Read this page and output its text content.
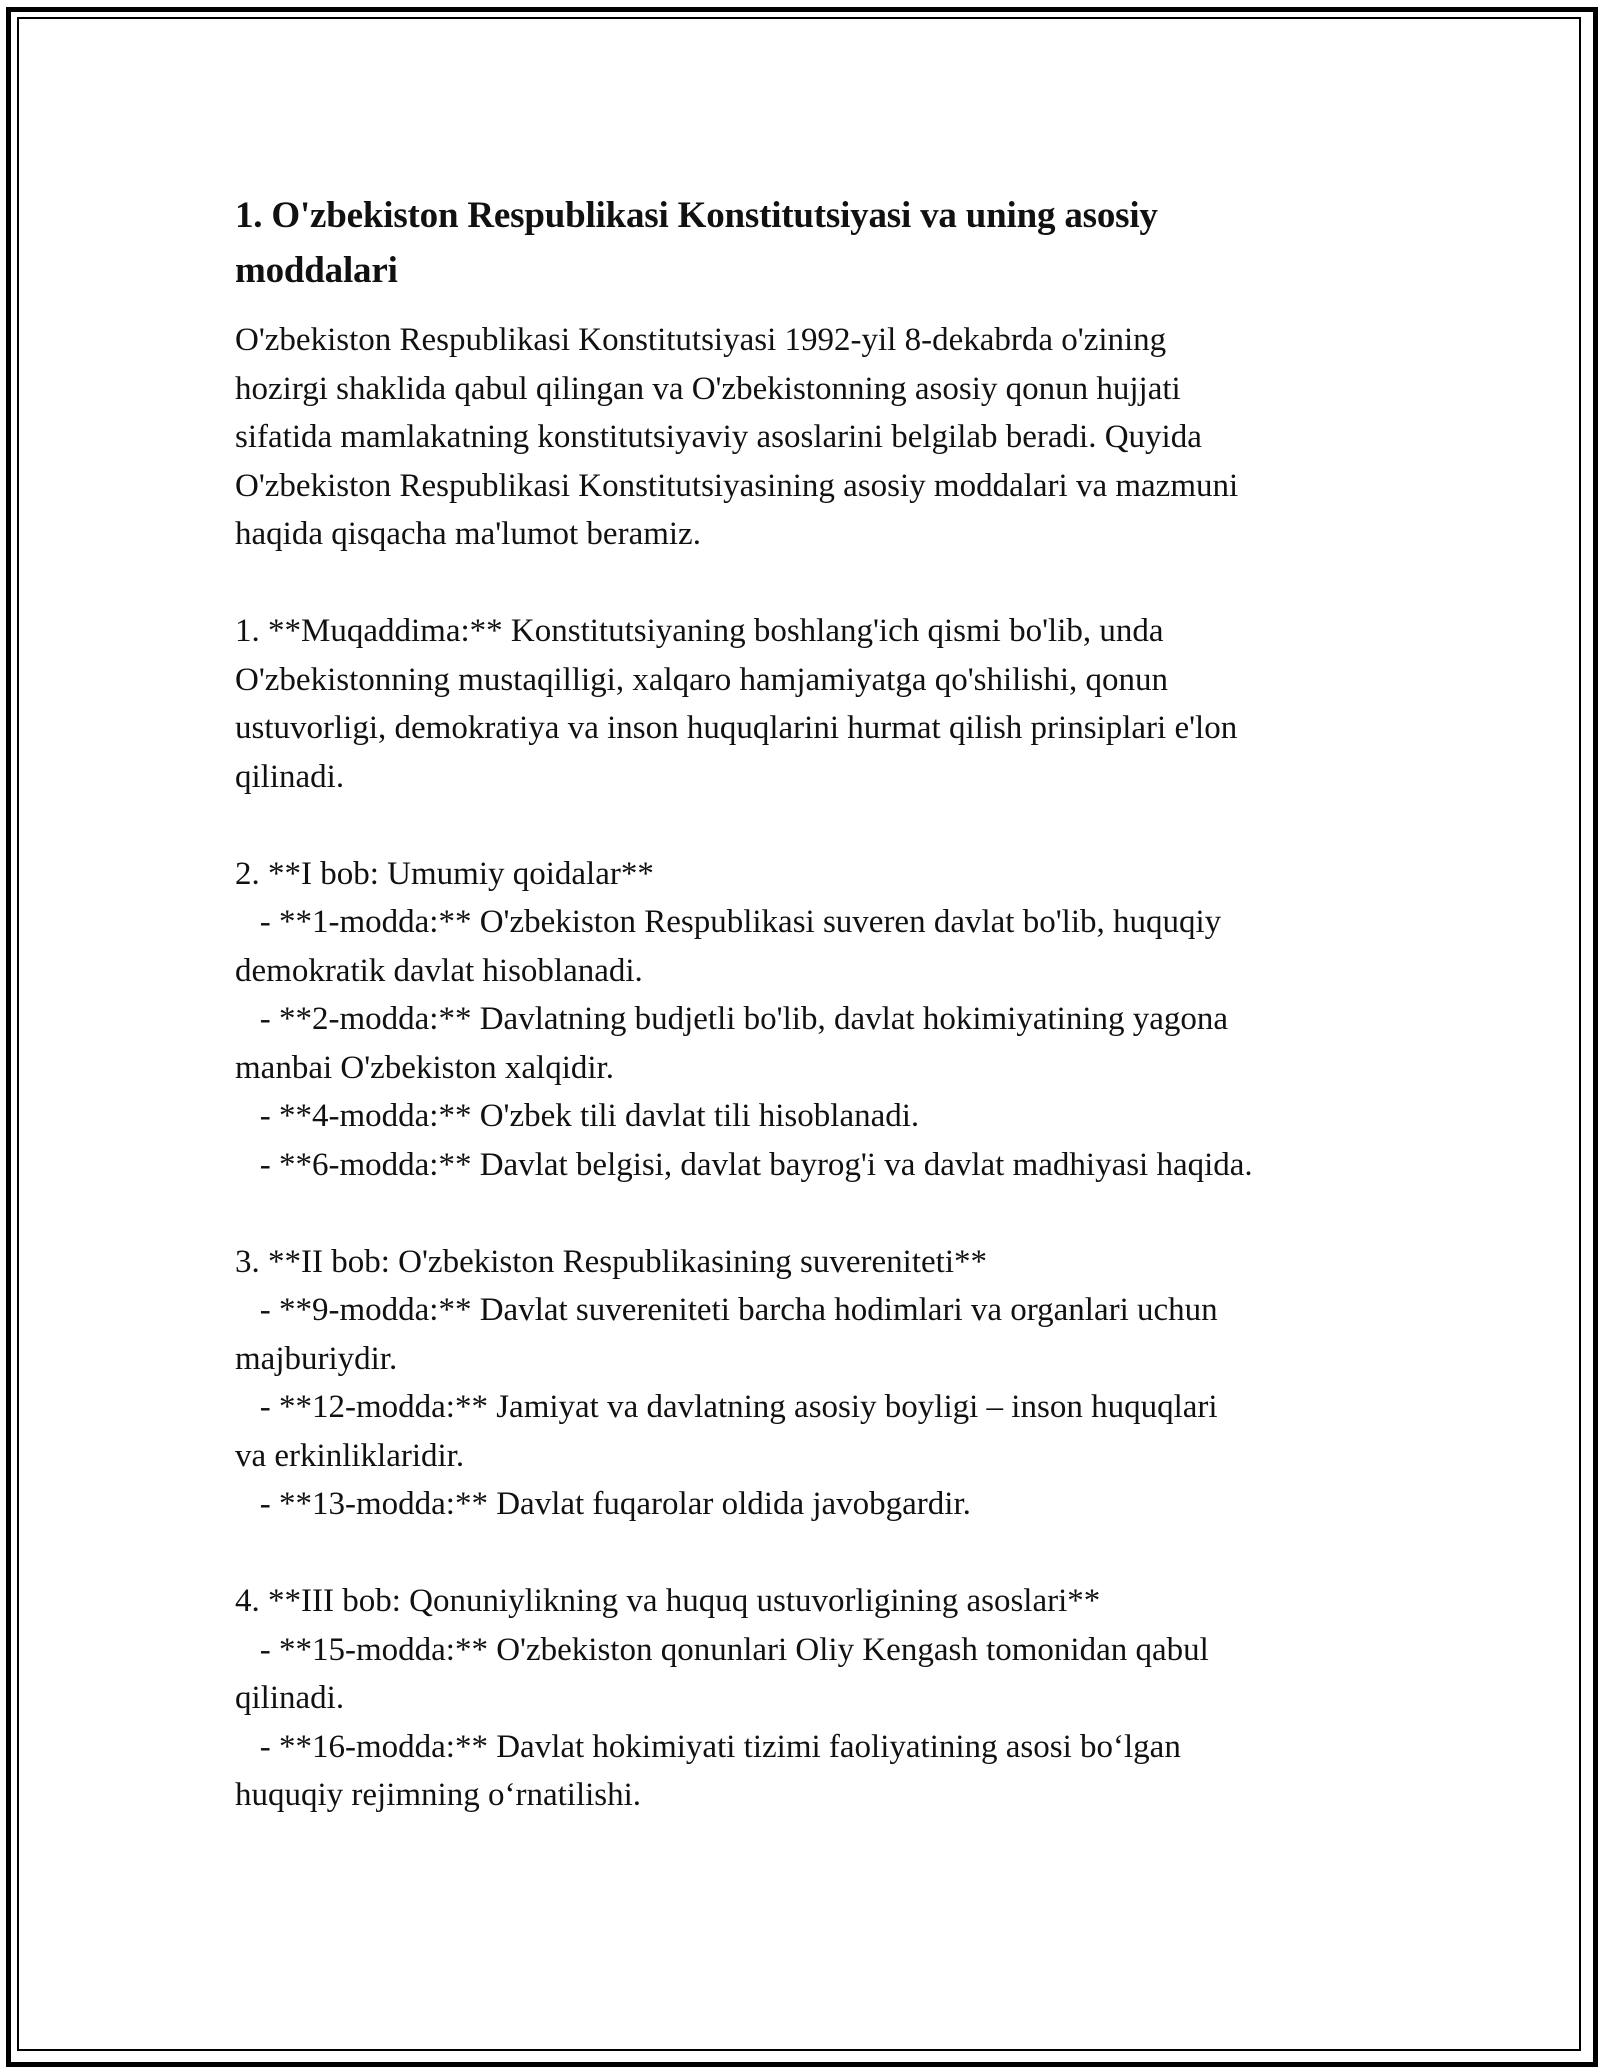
1. O'zbekiston Respublikasi Konstitutsiyasi va uning asosiy
moddalari

O'zbekiston Respublikasi Konstitutsiyasi 1992-yil 8-dekabrda o'zining
hozirgi shaklida qabul qilingan va O'zbekistonning asosiy qonun hujjati
sifatida mamlakatning konstitutsiyaviy asoslarini belgilab beradi. Quyida
O'zbekiston Respublikasi Konstitutsiyasining asosiy moddalari va mazmuni
haqida qisqacha ma'lumot beramiz.

1. **Muqaddima:** Konstitutsiyaning boshlang'ich qismi bo'lib, unda
O'zbekistonning mustaqilligi, xalqaro hamjamiyatga qo'shilishi, qonun
ustuvorligi, demokratiya va inson huquqlarini hurmat qilish prinsiplari e'lon
qilinadi.
2. **I bob: Umumiy qoidalar**
- **1-modda:** O'zbekiston Respublikasi suveren davlat bo'lib, huquqiy
demokratik davlat hisoblanadi.
- **2-modda:** Davlatning budjetli bo'lib, davlat hokimiyatining yagona
manbai O'zbekiston xalqidir.
- **4-modda:** O'zbek tili davlat tili hisoblanadi.
- **6-modda:** Davlat belgisi, davlat bayrog'i va davlat madhiyasi haqida.
3. **II bob: O'zbekiston Respublikasining suvereniteti**
- **9-modda:** Davlat suvereniteti barcha hodimlari va organlari uchun
majburiydir.
- **12-modda:** Jamiyat va davlatning asosiy boyligi – inson huquqlari
va erkinliklaridir.
- **13-modda:** Davlat fuqarolar oldida javobgardir.
4. **III bob: Qonuniylikning va huquq ustuvorligining asoslari**
- **15-modda:** O'zbekiston qonunlari Oliy Kengash tomonidan qabul
qilinadi.
- **16-modda:** Davlat hokimiyati tizimi faoliyatining asosi bo‘lgan
huquqiy rejimning o‘rnatilishi.
